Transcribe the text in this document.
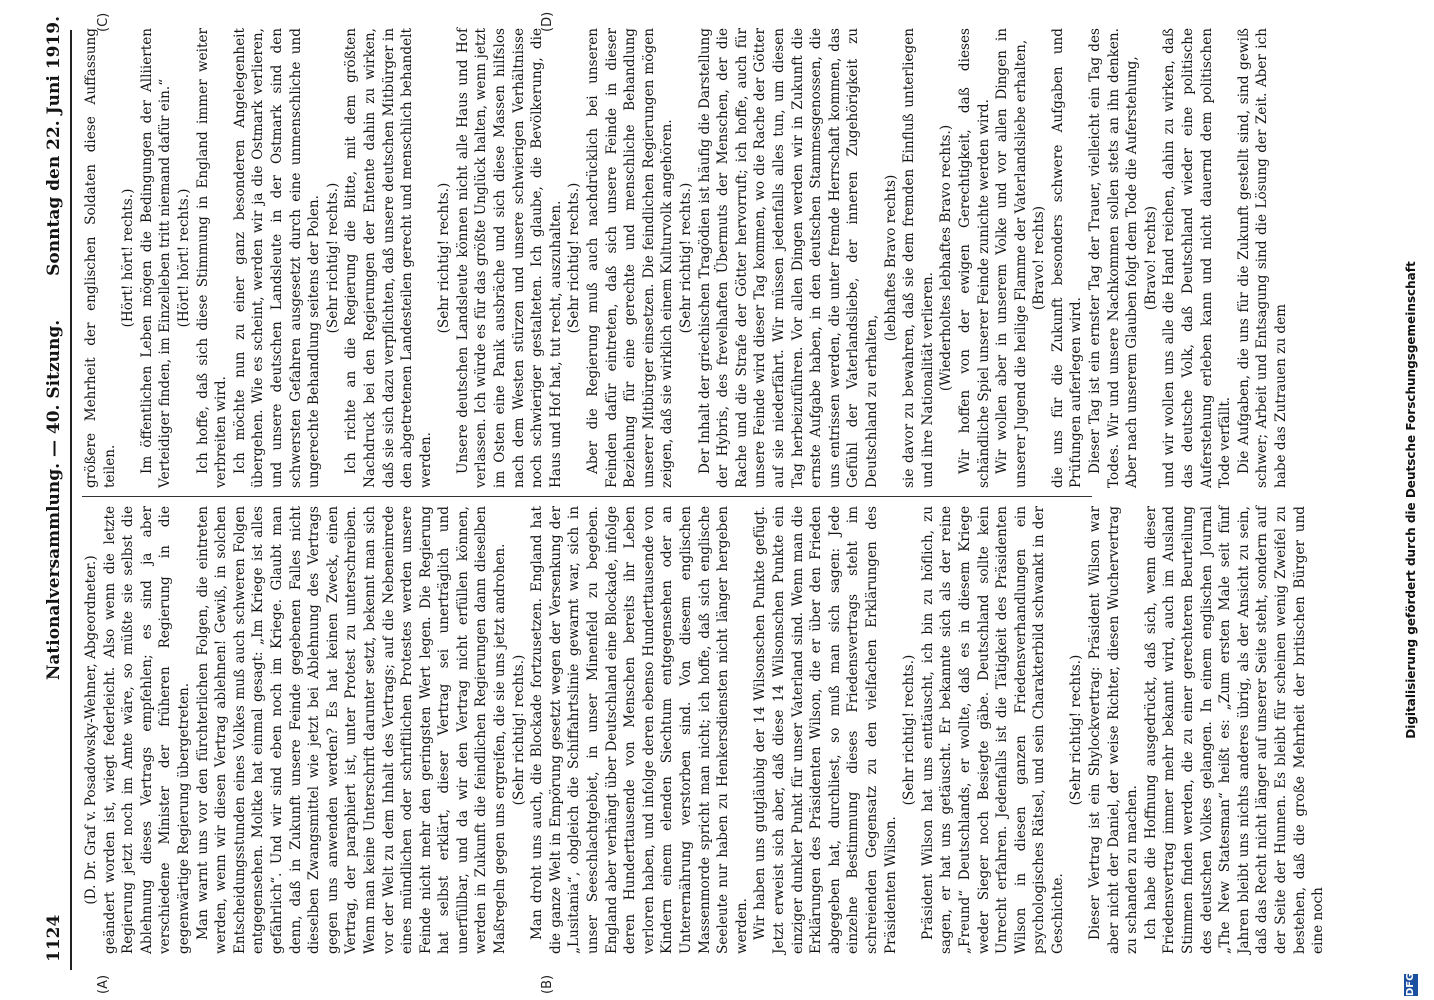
1124
Nationalversammlung. — 40. Sitzung.
Sonntag den 22. Juni 1919.
(A)	(B)
(C)	(D)

(D. Dr. Graf v. Posadowsky-Wehner, Abgeordneter.) geändert worden ist, wiegt federleicht. Also wenn die letzte Regierung jetzt noch im Amte wäre, so müßte sie selbst die Ablehnung dieses Vertrags empfehlen; es sind ja aber verschiedene Minister der früheren Regierung in die gegenwärtige Regierung übergetreten. Man warnt uns vor den fürchterlichen Folgen, die eintreten werden, wenn wir diesen Vertrag ablehnen! Gewiß, in solchen Entscheidungsstunden eines Volkes muß auch schweren Folgen entgegensehen. Moltke hat einmal gesagt: „Im Kriege ist alles gefährlich“. Und wir sind eben noch im Kriege. Glaubt man denn, daß in Zukunft unsere Feinde gegebenen Falles nicht dieselben Zwangsmittel wie jetzt bei Ablehnung des Vertrags gegen uns anwenden werden? Es hat keinen Zweck, einen Vertrag, der paraphiert ist, unter Protest zu unterschreiben. Wenn man keine Unterschrift darunter setzt, bekennt man sich vor der Welt zu dem Inhalt des Vertrags; auf die Nebeneinrede eines mündlichen oder schriftlichen Protestes werden unsere Feinde nicht mehr den geringsten Wert legen. Die Regierung hat selbst erklärt, dieser Vertrag sei unerträglich und unerfüllbar, und da wir den Vertrag nicht erfüllen können, werden in Zukunft die feindlichen Regierungen dann dieselben Maßregeln gegen uns ergreifen, die sie uns jetzt androhen. (Sehr richtig! rechts.) Man droht uns auch, die Blockade fortzusetzen. England hat die ganze Welt in Empörung gesetzt wegen der Versenkung der „Lusitania“, obgleich die Schiffahrtslinie gewarnt war, sich in unser Seeschlachtgebiet, in unser Minenfeld zu begeben. England aber verhängt über Deutschland eine Blockade, infolge deren Hunderttausende von Menschen bereits ihr Leben verloren haben, und infolge deren ebenso Hunderttausende von Kindern einem elenden Siechtum entgegensehen oder an Unterernährung verstorben sind. Von diesem englischen Massenmorde spricht man nicht; ich hoffe, daß sich englische Seeleute nur haben zu Henkersdiensten nicht länger hergeben werden. Wir haben uns gutgläubig der 14 Wilsonschen Punkte gefügt. Jetzt erweist sich aber, daß diese 14 Wilsonschen Punkte ein einziger dunkler Punkt für unser Vaterland sind. Wenn man die Erklärungen des Präsidenten Wilson, die er über den Frieden abgegeben hat, durchliest, so muß man sich sagen: Jede einzelne Bestimmung dieses Friedensvertrags steht im schreienden Gegensatz zu den vielfachen Erklärungen des Präsidenten Wilson.

(Sehr richtig! rechts.) Präsident Wilson hat uns enttäuscht, ich bin zu höflich, zu sagen, er hat uns getäuscht. Er bekannte sich als der reine „Freund“ Deutschlands, er wollte, daß es in diesem Kriege weder Sieger noch Besiegte gäbe. Deutschland sollte kein Unrecht erfahren. Jedenfalls ist die Tätigkeit des Präsidenten Wilson in diesen ganzen Friedensverhandlungen ein psychologisches Rätsel, und sein Charakterbild schwankt in der Geschichte.

(Sehr richtig! rechts.) Dieser Vertrag ist ein Shylockvertrag: Präsident Wilson war aber nicht der Daniel, der weise Richter, diesen Wuchervertrag zu schanden zu machen. Ich habe die Hoffnung ausgedrückt, daß sich, wenn dieser Friedensvertrag immer mehr bekannt wird, auch im Ausland Stimmen finden werden, die zu einer gerechteren Beurteilung des deutschen Volkes gelangen. In einem englischen Journal „The New Statesman“ heißt es: „Zum ersten Male seit fünf Jahren bleibt uns nichts anderes übrig, als der Ansicht zu sein, daß das Recht nicht länger auf unserer Seite steht, sondern auf der Seite der Hunnen. Es bleibt für scheinen wenig Zweifel zu bestehen, daß die große Mehrheit der britischen Bürger und eine noch

größere Mehrheit der englischen Soldaten diese Auffassung teilen.

(Hört! hört! rechts.) Im öffentlichen Leben mögen die Bedingungen der Alliierten Verteidiger finden, im Einzelleben tritt niemand dafür ein.“ (Hört! hört! rechts.) Ich hoffe, daß sich diese Stimmung in England immer weiter verbreiten wird. Ich möchte nun zu einer ganz besonderen Angelegenheit übergehen. Wie es scheint, werden wir ja die Ostmark verlieren, und unsere deutschen Landsleute in der Ostmark sind den schwersten Gefahren ausgesetzt durch eine unmenschliche und ungerechte Behandlung seitens der Polen. (Sehr richtig! rechts.) Ich richte an die Regierung die Bitte, mit dem größten Nachdruck bei den Regierungen der Entente dahin zu wirken, daß sie sich dazu verpflichten, daß unsere deutschen Mitbürger in den abgetretenen Landesteilen gerecht und menschlich behandelt werden.

(Sehr richtig! rechts.) Unsere deutschen Landsleute können nicht alle Haus und Hof verlassen. Ich würde es für das größte Unglück halten, wenn jetzt im Osten eine Panik ausbräche und sich diese Massen hilfslos nach dem Westen stürzen und unsere schwierigen Verhältnisse noch schwieriger gestalteten. Ich glaube, die Bevölkerung, die Haus und Hof hat, tut recht, auszuhalten. (Sehr richtig! rechts.) Aber die Regierung muß auch nachdrücklich bei unseren Feinden dafür eintreten, daß sich unsere Feinde in dieser Beziehung für eine gerechte und menschliche Behandlung unserer Mitbürger einsetzen. Die feindlichen Regierungen mögen zeigen, daß sie wirklich einem Kulturvolk angehören. (Sehr richtig! rechts.) Der Inhalt der griechischen Tragödien ist häufig die Darstellung der Hybris, des frevelhaften Übermuts der Menschen, der die Rache und die Strafe der Götter hervorruft; ich hoffe, auch für unsere Feinde wird dieser Tag kommen, wo die Rache der Götter auf sie niederfährt. Wir müssen jedenfalls alles tun, um diesen Tag herbeizuführen. Vor allen Dingen werden wir in Zukunft die ernste Aufgabe haben, in den deutschen Stammesgenossen, die uns entrissen werden, die unter fremde Herrschaft kommen, das Gefühl der Vaterlandsliebe, der inneren Zugehörigkeit zu Deutschland zu erhalten,

(lebhaftes Bravo rechts) sie davor zu bewahren, daß sie dem fremden Einfluß unterliegen und ihre Nationalität verlieren. (Wiederholtes lebhaftes Bravo rechts.) Wir hoffen von der ewigen Gerechtigkeit, daß dieses schändliche Spiel unserer Feinde zunichte werden wird. Wir wollen aber in unserem Volke und vor allen Dingen in unserer Jugend die heilige Flamme der Vaterlandsliebe erhalten, (Bravo! rechts) die uns für die Zukunft besonders schwere Aufgaben und Prüfungen auferlegen wird. Dieser Tag ist ein ernster Tag der Trauer, vielleicht ein Tag des Todes. Wir und unsere Nachkommen sollen stets an ihn denken. Aber nach unserem Glauben folgt dem Tode die Auferstehung, (Bravo! rechts) und wir wollen uns alle die Hand reichen, dahin zu wirken, daß das deutsche Volk, daß Deutschland wieder eine politische Auferstehung erleben kann und nicht dauernd dem politischen Tode verfällt. Die Aufgaben, die uns für die Zukunft gestellt sind, sind gewiß schwer; Arbeit und Entsagung sind die Lösung der Zeit. Aber ich habe das Zutrauen zu dem

DFG
Digitalisierung gefördert durch die Deutsche Forschungsgemeinschaft
